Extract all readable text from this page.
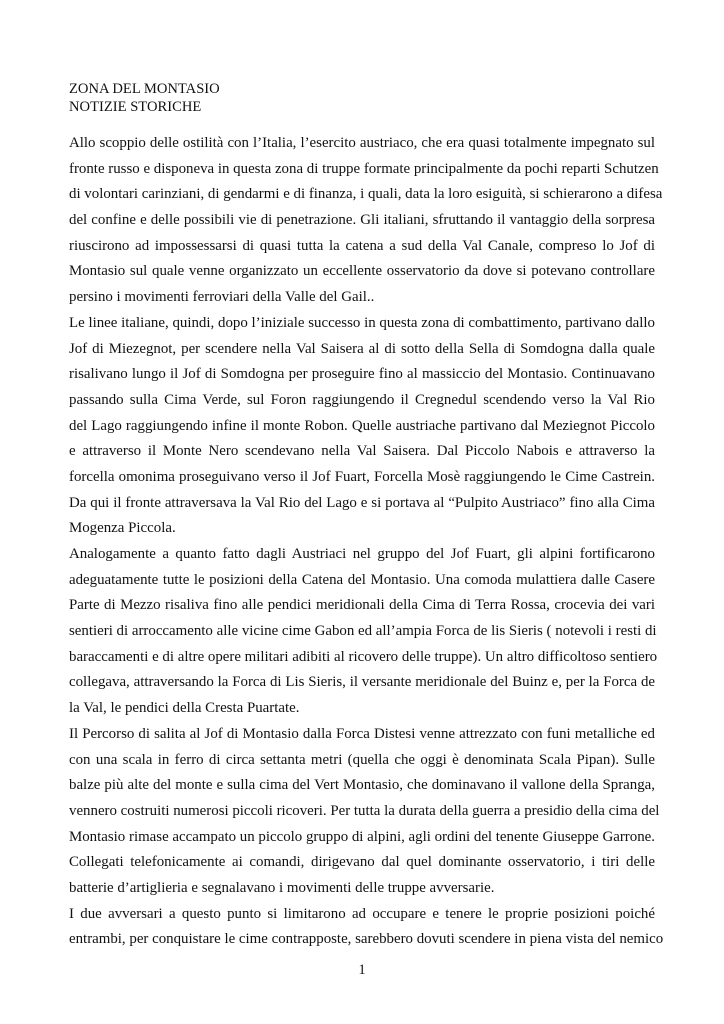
ZONA DEL MONTASIO
NOTIZIE STORICHE
Allo scoppio delle ostilità con l’Italia, l’esercito austriaco, che era quasi totalmente impegnato sul
fronte russo e disponeva in questa zona di truppe formate principalmente da pochi reparti Schutzen
di volontari carinziani, di gendarmi e di finanza, i quali, data la loro esiguità, si schierarono a difesa
del confine e delle possibili vie di penetrazione. Gli italiani, sfruttando il vantaggio della sorpresa
riuscirono ad impossessarsi di quasi tutta la catena a sud della Val Canale, compreso lo Jof di
Montasio sul quale venne organizzato un eccellente osservatorio da dove si potevano controllare
persino i movimenti ferroviari della Valle del Gail..
Le linee italiane, quindi, dopo l’iniziale successo in questa zona di combattimento, partivano dallo
Jof di Miezegnot, per scendere nella Val Saisera al di sotto della Sella di Somdogna dalla quale
risalivano lungo il Jof di Somdogna per proseguire fino al massiccio del Montasio. Continuavano
passando sulla Cima Verde, sul Foron raggiungendo il Cregnedul scendendo verso la Val Rio
del Lago raggiungendo infine il monte Robon. Quelle austriache partivano dal Meziegnot Piccolo
e attraverso il Monte Nero scendevano nella Val Saisera. Dal Piccolo Nabois e attraverso la
forcella omonima proseguivano verso il Jof Fuart, Forcella Mosè raggiungendo le Cime Castrein.
Da qui il fronte attraversava la Val Rio del Lago e si portava al “Pulpito Austriaco” fino alla Cima
Mogenza Piccola.
Analogamente a quanto fatto dagli Austriaci nel gruppo del Jof Fuart, gli alpini fortificarono
adeguatamente tutte le posizioni della Catena del Montasio. Una comoda mulattiera dalle Casere
Parte di Mezzo risaliva fino alle pendici meridionali della Cima di Terra Rossa, crocevia dei vari
sentieri di arroccamento alle vicine cime Gabon ed all’ampia Forca de lis Sieris ( notevoli i resti di
baraccamenti e di altre opere militari adibiti al ricovero delle truppe). Un altro difficoltoso sentiero
collegava, attraversando la Forca di Lis Sieris, il versante meridionale del Buinz e, per la Forca de
la Val, le pendici della Cresta Puartate.
Il Percorso di salita al Jof di Montasio dalla Forca Distesi venne attrezzato con funi metalliche ed
con una scala in ferro di circa settanta metri (quella che oggi è denominata Scala Pipan). Sulle
balze più alte del monte e sulla cima del Vert Montasio, che dominavano il vallone della Spranga,
vennero costruiti numerosi piccoli ricoveri. Per tutta la durata della guerra a presidio della cima del
Montasio rimase accampato un piccolo gruppo di alpini, agli ordini del tenente Giuseppe Garrone.
Collegati telefonicamente ai comandi, dirigevano dal quel dominante osservatorio, i tiri delle
batterie d’artiglieria e segnalavano i movimenti delle truppe avversarie.
I due avversari a questo punto si limitarono ad occupare e tenere le proprie posizioni poiché
entrambi, per conquistare le cime contrapposte, sarebbero dovuti scendere in piena vista del nemico
1
